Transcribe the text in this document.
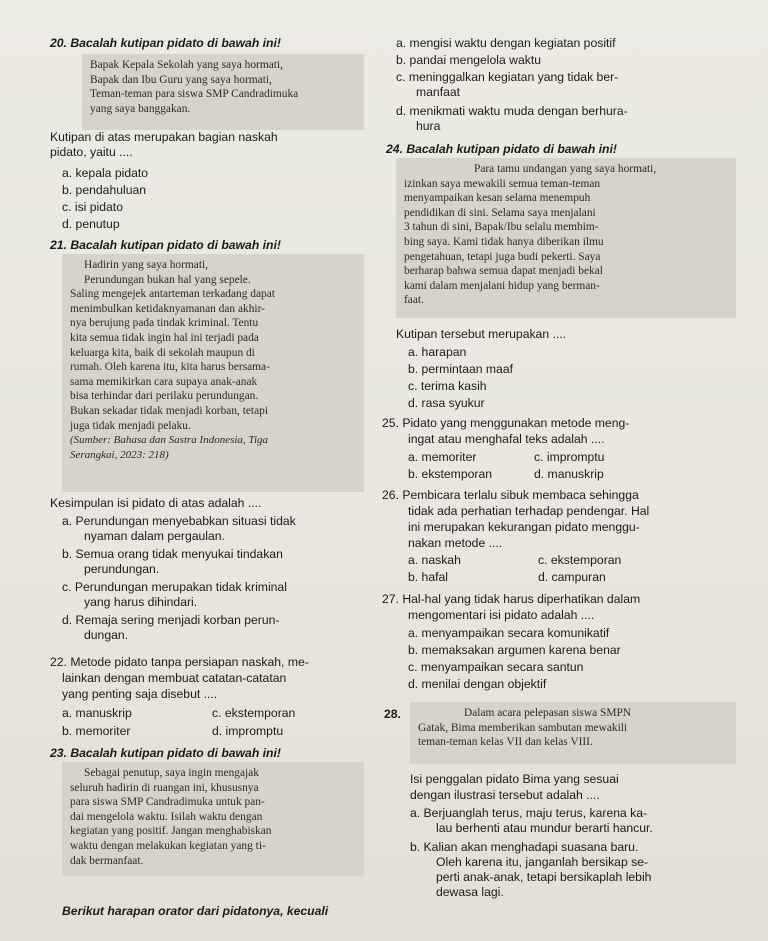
20. Bacalah kutipan pidato di bawah ini!

Bapak Kepala Sekolah yang saya hormati,

Bapak dan Ibu Guru yang saya hormati,

Teman-teman para siswa SMP Candradimuka

yang saya banggakan.

Kutipan di atas merupakan bagian naskah
pidato, yaitu ....
a. kepala pidato
b. pendahuluan
c. isi pidato
d. penutup
21. Bacalah kutipan pidato di bawah ini!

Hadirin yang saya hormati,

Perundungan bukan hal yang sepele.

Saling mengejek antarteman terkadang dapat

menimbulkan ketidaknyamanan dan akhir-

nya berujung pada tindak kriminal. Tentu

kita semua tidak ingin hal ini terjadi pada

keluarga kita, baik di sekolah maupun di

rumah. Oleh karena itu, kita harus bersama-

sama memikirkan cara supaya anak-anak

bisa terhindar dari perilaku perundungan.

Bukan sekadar tidak menjadi korban, tetapi

juga tidak menjadi pelaku.

(Sumber: Bahasa dan Sastra Indonesia, Tiga

Serangkai, 2023: 218)

Kesimpulan isi pidato di atas adalah ....
a. Perundungan menyebabkan situasi tidak
nyaman dalam pergaulan.
b. Semua orang tidak menyukai tindakan
perundungan.
c. Perundungan merupakan tidak kriminal
yang harus dihindari.
d. Remaja sering menjadi korban perun-
dungan.
22. Metode pidato tanpa persiapan naskah, me-
lainkan dengan membuat catatan-catatan
yang penting saja disebut ....
a. manuskrip	c. ekstemporan
b. memoriter	d. impromptu
23. Bacalah kutipan pidato di bawah ini!

Sebagai penutup, saya ingin mengajak

seluruh hadirin di ruangan ini, khususnya

para siswa SMP Candradimuka untuk pan-

dai mengelola waktu. Isilah waktu dengan

kegiatan yang positif. Jangan menghabiskan

waktu dengan melakukan kegiatan yang ti-

dak bermanfaat.

Berikut harapan orator dari pidatonya, kecuali
a. mengisi waktu dengan kegiatan positif
b. pandai mengelola waktu
c. meninggalkan kegiatan yang tidak ber-
manfaat
d. menikmati waktu muda dengan berhura-
hura
24. Bacalah kutipan pidato di bawah ini!

Para tamu undangan yang saya hormati,

izinkan saya mewakili semua teman-teman

menyampaikan kesan selama menempuh

pendidikan di sini. Selama saya menjalani

3 tahun di sini, Bapak/Ibu selalu membim-

bing saya. Kami tidak hanya diberikan ilmu

pengetahuan, tetapi juga budi pekerti. Saya

berharap bahwa semua dapat menjadi bekal

kami dalam menjalani hidup yang berman-

faat.

Kutipan tersebut merupakan ....
a. harapan
b. permintaan maaf
c. terima kasih
d. rasa syukur
25. Pidato yang menggunakan metode meng-
ingat atau menghafal teks adalah ....
a. memoriter	c. impromptu
b. ekstemporan	d. manuskrip
26. Pembicara terlalu sibuk membaca sehingga
tidak ada perhatian terhadap pendengar. Hal
ini merupakan kekurangan pidato menggu-
nakan metode ....
a. naskah	c. ekstemporan
b. hafal	d. campuran
27. Hal-hal yang tidak harus diperhatikan dalam
mengomentari isi pidato adalah ....
a. menyampaikan secara komunikatif
b. memaksakan argumen karena benar
c. menyampaikan secara santun
d. menilai dengan objektif
28.	Dalam acara pelepasan siswa SMPN

Gatak, Bima memberikan sambutan mewakili

teman-teman kelas VII dan kelas VIII.

Isi penggalan pidato Bima yang sesuai
dengan ilustrasi tersebut adalah ....
a. Berjuanglah terus, maju terus, karena ka-
lau berhenti atau mundur berarti hancur.
b. Kalian akan menghadapi suasana baru.
Oleh karena itu, janganlah bersikap se-
perti anak-anak, tetapi bersikaplah lebih
dewasa lagi.
